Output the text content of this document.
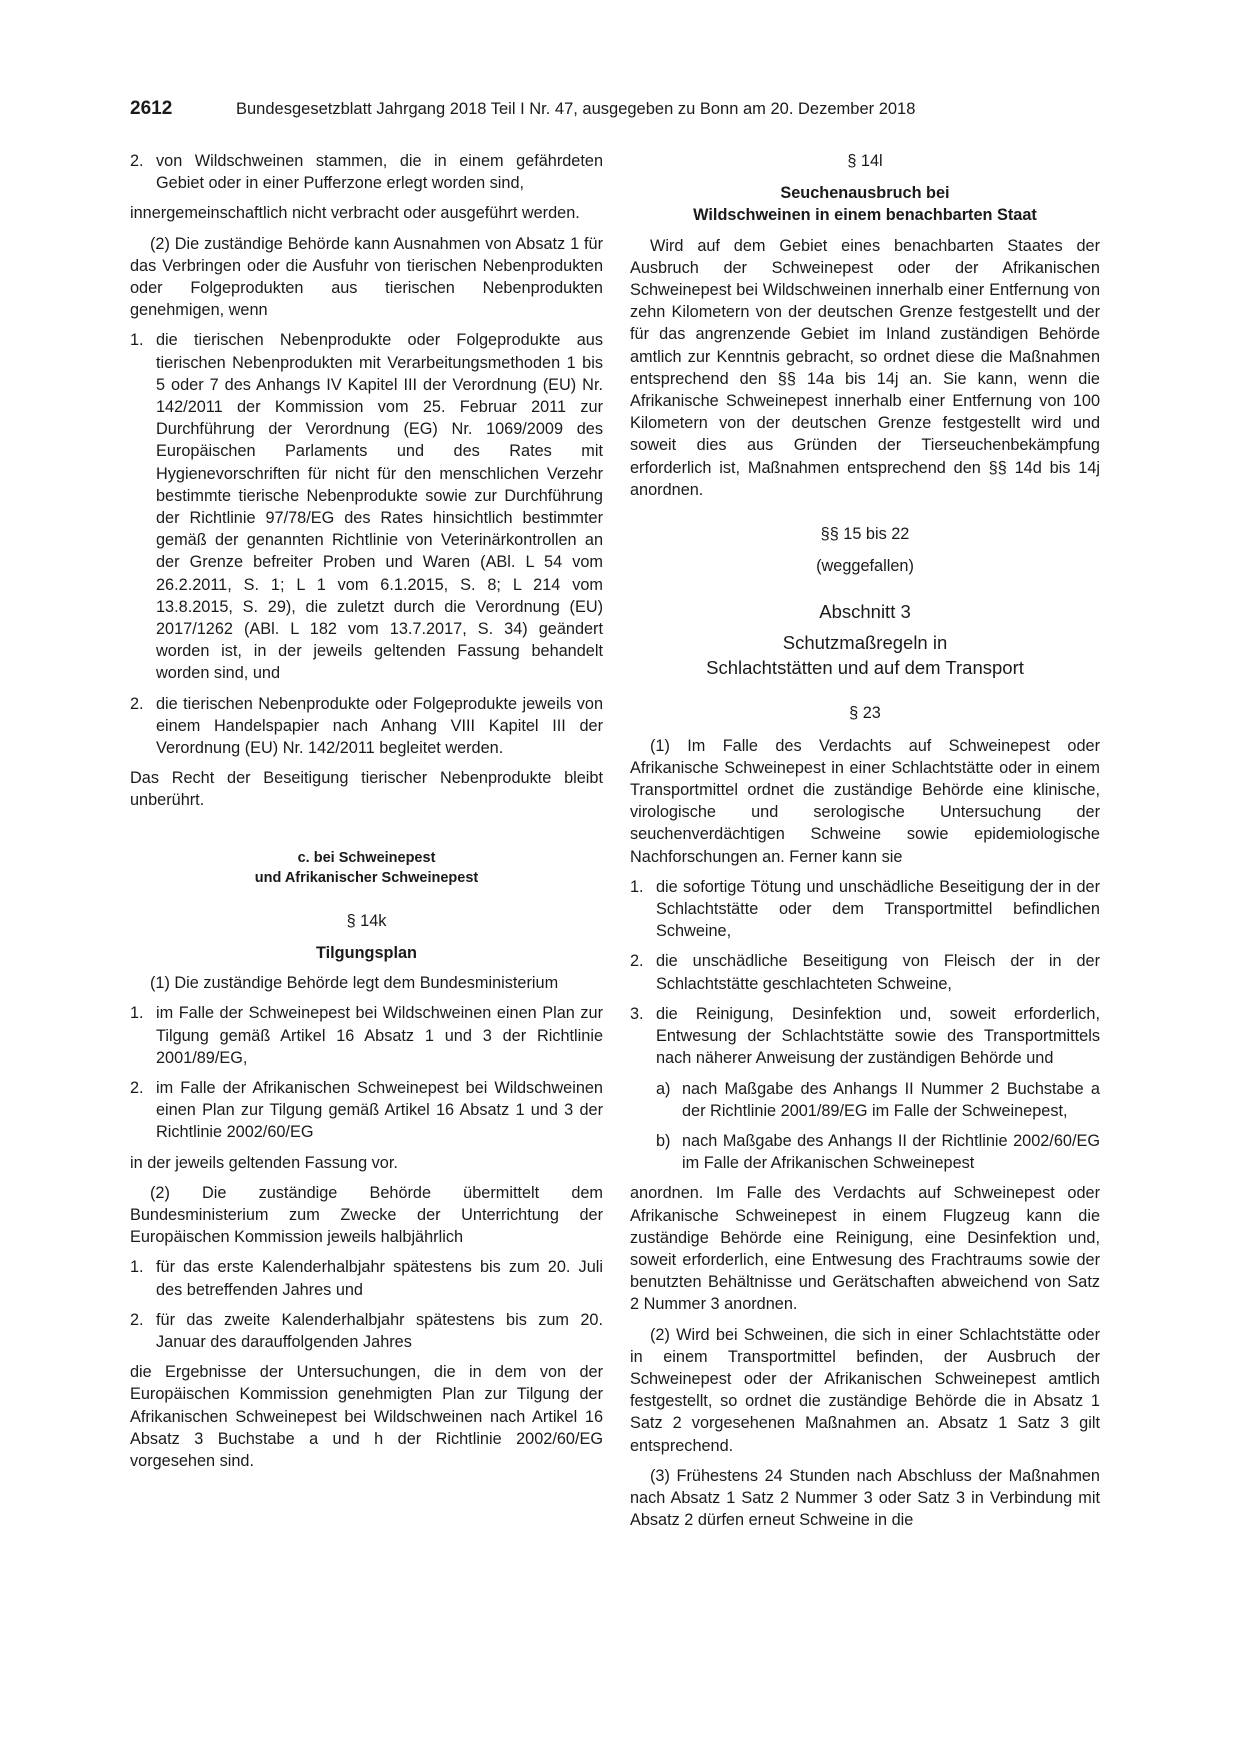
2612	Bundesgesetzblatt Jahrgang 2018 Teil I Nr. 47, ausgegeben zu Bonn am 20. Dezember 2018
2. von Wildschweinen stammen, die in einem gefährdeten Gebiet oder in einer Pufferzone erlegt worden sind,

innergemeinschaftlich nicht verbracht oder ausgeführt werden.

(2) Die zuständige Behörde kann Ausnahmen von Absatz 1 für das Verbringen oder die Ausfuhr von tierischen Nebenprodukten oder Folgeprodukten aus tierischen Nebenprodukten genehmigen, wenn

1. die tierischen Nebenprodukte oder Folgeprodukte aus tierischen Nebenprodukten mit Verarbeitungsmethoden 1 bis 5 oder 7 des Anhangs IV Kapitel III der Verordnung (EU) Nr. 142/2011 der Kommission vom 25. Februar 2011 zur Durchführung der Verordnung (EG) Nr. 1069/2009 des Europäischen Parlaments und des Rates mit Hygienevorschriften für nicht für den menschlichen Verzehr bestimmte tierische Nebenprodukte sowie zur Durchführung der Richtlinie 97/78/EG des Rates hinsichtlich bestimmter gemäß der genannten Richtlinie von Veterinärkontrollen an der Grenze befreiter Proben und Waren (ABl. L 54 vom 26.2.2011, S. 1; L 1 vom 6.1.2015, S. 8; L 214 vom 13.8.2015, S. 29), die zuletzt durch die Verordnung (EU) 2017/1262 (ABl. L 182 vom 13.7.2017, S. 34) geändert worden ist, in der jeweils geltenden Fassung behandelt worden sind, und
2. die tierischen Nebenprodukte oder Folgeprodukte jeweils von einem Handelspapier nach Anhang VIII Kapitel III der Verordnung (EU) Nr. 142/2011 begleitet werden.

Das Recht der Beseitigung tierischer Nebenprodukte bleibt unberührt.

c. bei Schweinepest
und Afrikanischer Schweinepest
§ 14k
Tilgungsplan

(1) Die zuständige Behörde legt dem Bundesministerium

1. im Falle der Schweinepest bei Wildschweinen einen Plan zur Tilgung gemäß Artikel 16 Absatz 1 und 3 der Richtlinie 2001/89/EG,
2. im Falle der Afrikanischen Schweinepest bei Wildschweinen einen Plan zur Tilgung gemäß Artikel 16 Absatz 1 und 3 der Richtlinie 2002/60/EG

in der jeweils geltenden Fassung vor.

(2) Die zuständige Behörde übermittelt dem Bundesministerium zum Zwecke der Unterrichtung der Europäischen Kommission jeweils halbjährlich

1. für das erste Kalenderhalbjahr spätestens bis zum 20. Juli des betreffenden Jahres und
2. für das zweite Kalenderhalbjahr spätestens bis zum 20. Januar des darauffolgenden Jahres

die Ergebnisse der Untersuchungen, die in dem von der Europäischen Kommission genehmigten Plan zur Tilgung der Afrikanischen Schweinepest bei Wildschweinen nach Artikel 16 Absatz 3 Buchstabe a und h der Richtlinie 2002/60/EG vorgesehen sind.

§ 14l
Seuchenausbruch bei
Wildschweinen in einem benachbarten Staat

Wird auf dem Gebiet eines benachbarten Staates der Ausbruch der Schweinepest oder der Afrikanischen Schweinepest bei Wildschweinen innerhalb einer Entfernung von zehn Kilometern von der deutschen Grenze festgestellt und der für das angrenzende Gebiet im Inland zuständigen Behörde amtlich zur Kenntnis gebracht, so ordnet diese die Maßnahmen entsprechend den §§ 14a bis 14j an. Sie kann, wenn die Afrikanische Schweinepest innerhalb einer Entfernung von 100 Kilometern von der deutschen Grenze festgestellt wird und soweit dies aus Gründen der Tierseuchenbekämpfung erforderlich ist, Maßnahmen entsprechend den §§ 14d bis 14j anordnen.

§§ 15 bis 22
(weggefallen)
Abschnitt 3
Schutzmaßregeln in
Schlachtstätten und auf dem Transport
§ 23

(1) Im Falle des Verdachts auf Schweinepest oder Afrikanische Schweinepest in einer Schlachtstätte oder in einem Transportmittel ordnet die zuständige Behörde eine klinische, virologische und serologische Untersuchung der seuchenverdächtigen Schweine sowie epidemiologische Nachforschungen an. Ferner kann sie

1. die sofortige Tötung und unschädliche Beseitigung der in der Schlachtstätte oder dem Transportmittel befindlichen Schweine,
2. die unschädliche Beseitigung von Fleisch der in der Schlachtstätte geschlachteten Schweine,
3. die Reinigung, Desinfektion und, soweit erforderlich, Entwesung der Schlachtstätte sowie des Transportmittels nach näherer Anweisung der zuständigen Behörde und
a) nach Maßgabe des Anhangs II Nummer 2 Buchstabe a der Richtlinie 2001/89/EG im Falle der Schweinepest,
b) nach Maßgabe des Anhangs II der Richtlinie 2002/60/EG im Falle der Afrikanischen Schweinepest

anordnen. Im Falle des Verdachts auf Schweinepest oder Afrikanische Schweinepest in einem Flugzeug kann die zuständige Behörde eine Reinigung, eine Desinfektion und, soweit erforderlich, eine Entwesung des Frachtraums sowie der benutzten Behältnisse und Gerätschaften abweichend von Satz 2 Nummer 3 anordnen.

(2) Wird bei Schweinen, die sich in einer Schlachtstätte oder in einem Transportmittel befinden, der Ausbruch der Schweinepest oder der Afrikanischen Schweinepest amtlich festgestellt, so ordnet die zuständige Behörde die in Absatz 1 Satz 2 vorgesehenen Maßnahmen an. Absatz 1 Satz 3 gilt entsprechend.

(3) Frühestens 24 Stunden nach Abschluss der Maßnahmen nach Absatz 1 Satz 2 Nummer 3 oder Satz 3 in Verbindung mit Absatz 2 dürfen erneut Schweine in die
